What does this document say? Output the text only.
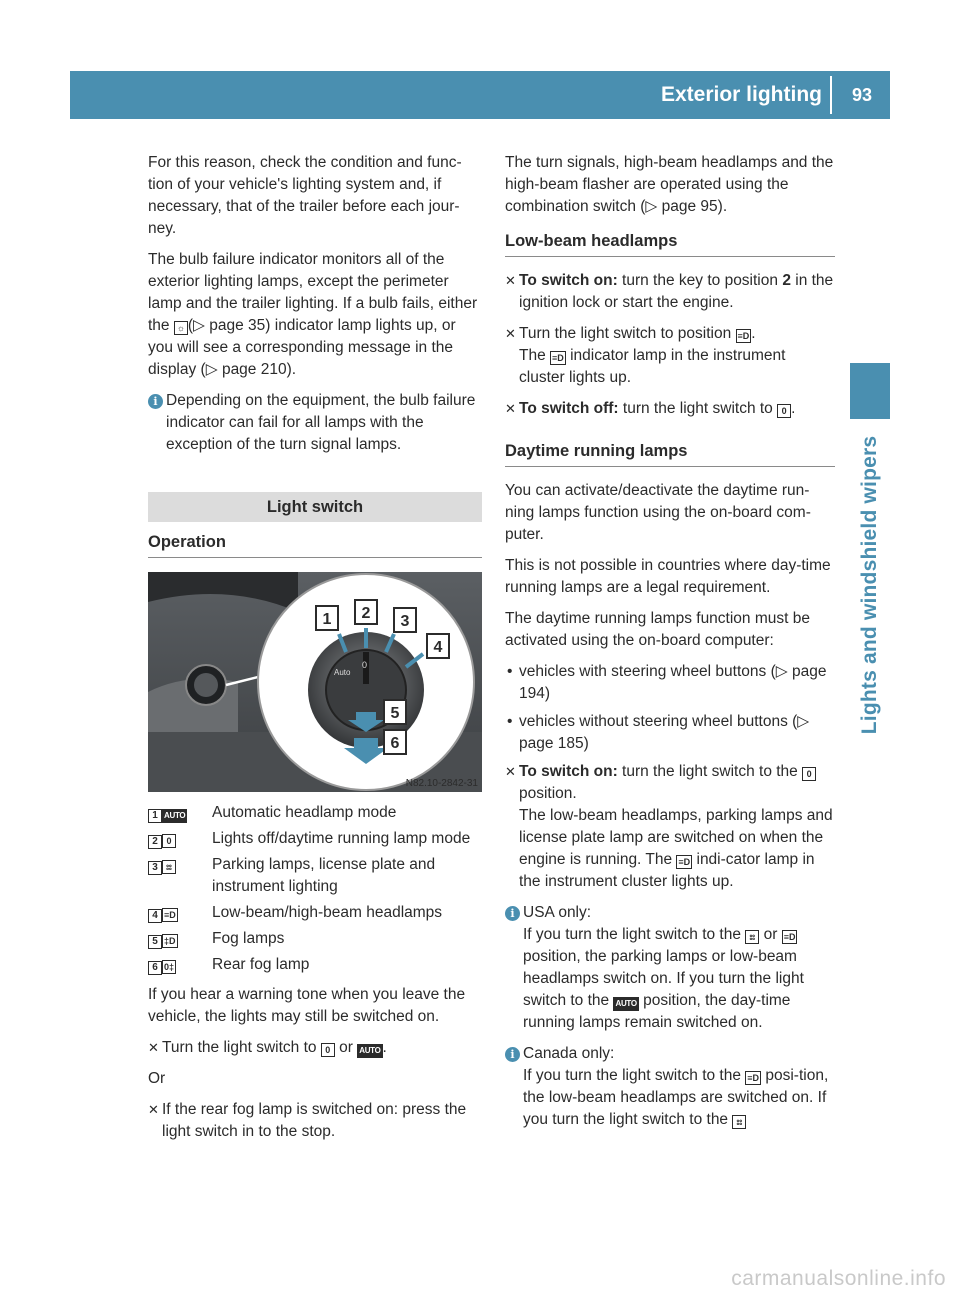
Exterior lighting 93
Lights and windshield wipers

For this reason, check the condition and func-tion of your vehicle's lighting system and, if necessary, that of the trailer before each jour-ney.

The bulb failure indicator monitors all of the exterior lighting lamps, except the perimeter lamp and the trailer lighting. If a bulb fails, either the ☼ (▷ page 35) indicator lamp lights up, or you will see a corresponding message in the display (▷ page 210).

i Depending on the equipment, the bulb failure indicator can fail for all lamps with the exception of the turn signal lamps.
Light switch
Operation
Auto
0
1 2 3
4
5
6
N82.10-2842-31
1 AUTO	Automatic headlamp mode
2 0	Lights off/daytime running lamp mode
3 ⦂⦂	Parking lamps, license plate and instrument lighting
4 ≡D	Low-beam/high-beam headlamps
5 ‡D	Fog lamps
6 0‡	Rear fog lamp

If you hear a warning tone when you leave the vehicle, the lights may still be switched on.

✕ Turn the light switch to 0 or AUTO .

Or

✕ If the rear fog lamp is switched on: press the light switch in to the stop.

The turn signals, high-beam headlamps and the high-beam flasher are operated using the combination switch (▷ page 95).

Low-beam headlamps
✕ To switch on: turn the key to position 2 in the ignition lock or start the engine.
✕ Turn the light switch to position ≡D .
The ≡D indicator lamp in the instrument cluster lights up.
✕ To switch off: turn the light switch to 0 .
Daytime running lamps

You can activate/deactivate the daytime run-ning lamps function using the on-board com-puter.

This is not possible in countries where day-time running lamps are a legal requirement.

The daytime running lamps function must be activated using the on-board computer:

• vehicles with steering wheel buttons (▷ page 194)
• vehicles without steering wheel buttons (▷ page 185)
✕ To switch on: turn the light switch to the 0 position.
The low-beam headlamps, parking lamps and license plate lamp are switched on when the engine is running. The ≡D indi-cator lamp in the instrument cluster lights up.
i USA only:
If you turn the light switch to the ⦂⦂ or ≡D position, the parking lamps or low-beam headlamps switch on. If you turn the light switch to the AUTO position, the day-time running lamps remain switched on.
i Canada only:
If you turn the light switch to the ≡D posi-tion, the low-beam headlamps are switched on. If you turn the light switch to the ⦂⦂
carmanualsonline.info
